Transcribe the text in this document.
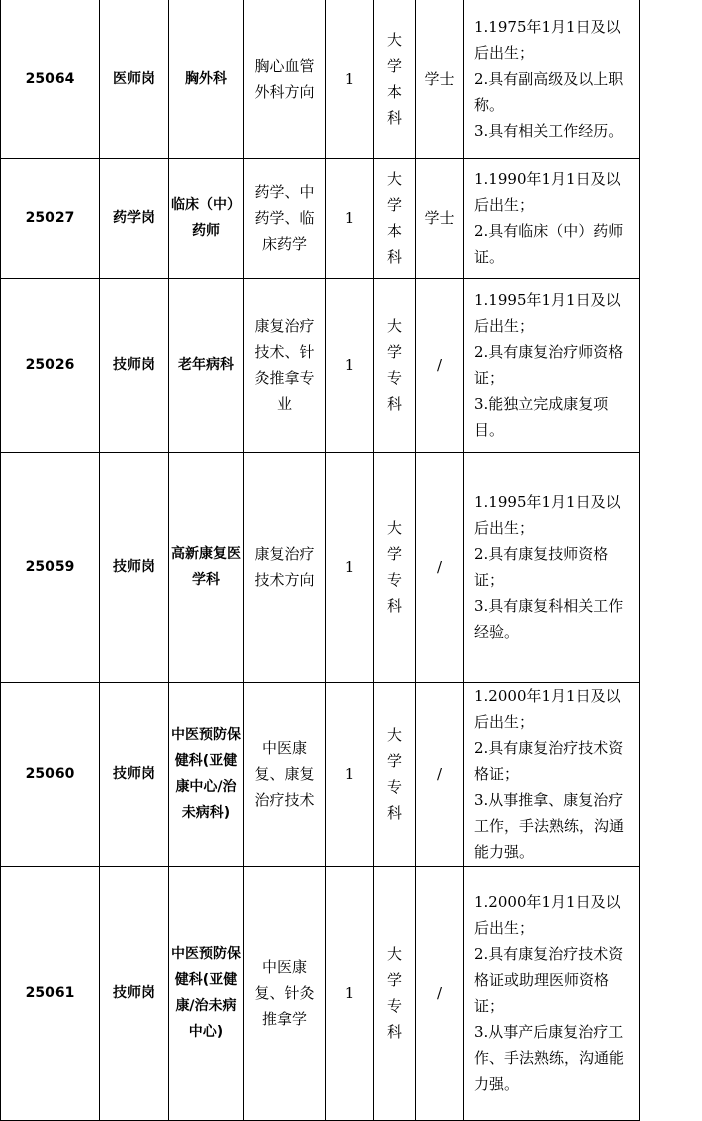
25064	医师岗	胸外科	胸心血管外科方向	1	大学本科	学士	1.1975年1月1日及以后出生；
2.具有副高级及以上职称。
3.具有相关工作经历。

25027	药学岗	临床（中）药师	药学、中药学、临床药学	1	大学本科	学士	1.1990年1月1日及以后出生；
2.具有临床（中）药师证。

25026	技师岗	老年病科	康复治疗技术、针灸推拿专业	1	大学专科	/	1.1995年1月1日及以后出生；
2.具有康复治疗师资格证；
3.能独立完成康复项目。

25059	技师岗	高新康复医学科	康复治疗技术方向	1	大学专科	/	1.1995年1月1日及以后出生；
2.具有康复技师资格证；
3.具有康复科相关工作经验。

25060	技师岗	中医预防保健科(亚健康中心/治未病科)	中医康复、康复治疗技术	1	大学专科	/	1.2000年1月1日及以后出生；
2.具有康复治疗技术资格证；
3.从事推拿、康复治疗工作，手法熟练，沟通能力强。

25061	技师岗	中医预防保健科(亚健康/治未病中心)	中医康复、针灸推拿学	1	大学专科	/	1.2000年1月1日及以后出生；
2.具有康复治疗技术资格证或助理医师资格证；
3.从事产后康复治疗工作、手法熟练，沟通能力强。
